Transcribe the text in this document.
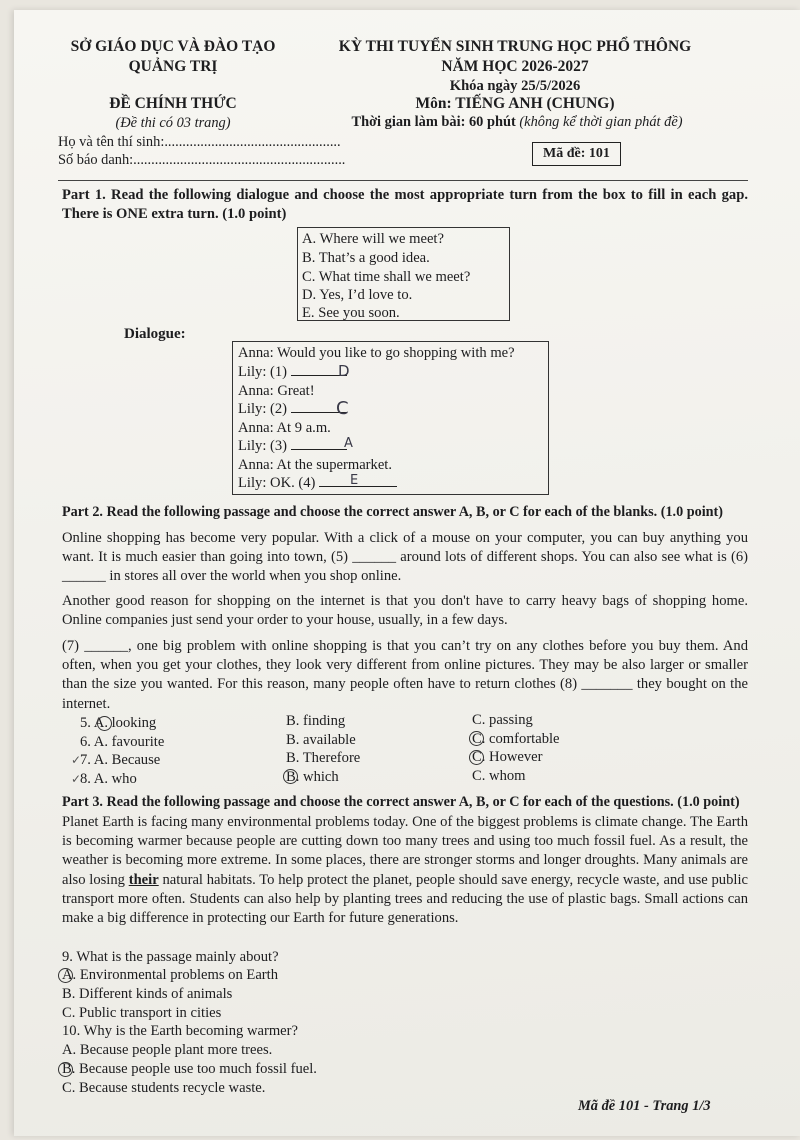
SỞ GIÁO DỤC VÀ ĐÀO TẠO
QUẢNG TRỊ
ĐỀ CHÍNH THỨC
(Đề thi có 03 trang)
KỲ THI TUYỂN SINH TRUNG HỌC PHỔ THÔNG
NĂM HỌC 2026-2027
Khóa ngày 25/5/2026
Môn: TIẾNG ANH (CHUNG)
Thời gian làm bài: 60 phút (không kể thời gian phát đề)
Họ và tên thí sinh:.................................................
Số báo danh:...........................................................	Mã đề: 101
Part 1. Read the following dialogue and choose the most appropriate turn from the box to fill in each gap. There is ONE extra turn. (1.0 point)
A. Where will we meet?
B. That’s a good idea.
C. What time shall we meet?
D. Yes, I’d love to.
E. See you soon.
Dialogue:
Anna: Would you like to go shopping with me?
Lily: (1)
Anna: Great!
Lily: (2)
Anna: At 9 a.m.
Lily: (3)
Anna: At the supermarket.
Lily: OK. (4)
D
C
A
E
Part 2. Read the following passage and choose the correct answer A, B, or C for each of the blanks. (1.0 point)
Online shopping has become very popular. With a click of a mouse on your computer, you can buy anything you want. It is much easier than going into town, (5) ______ around lots of different shops. You can also see what is (6) ______ in stores all over the world when you shop online.
Another good reason for shopping on the internet is that you don't have to carry heavy bags of shopping home. Online companies just send your order to your house, usually, in a few days.
(7) ______, one big problem with online shopping is that you can’t try on any clothes before you buy them. And often, when you get your clothes, they look very different from online pictures. They may be also larger or smaller than the size you wanted. For this reason, many people often have to return clothes (8) _______ they bought on the internet.
5. A. looking	B. finding	C. passing
6. A. favourite	B. available	C. comfortable
7. A. Because	B. Therefore	C. However
8. A. who	B. which	C. whom
✓
✓
Part 3. Read the following passage and choose the correct answer A, B, or C for each of the questions. (1.0 point)
Planet Earth is facing many environmental problems today. One of the biggest problems is climate change. The Earth is becoming warmer because people are cutting down too many trees and using too much fossil fuel. As a result, the weather is becoming more extreme. In some places, there are stronger storms and longer droughts. Many animals are also losing their natural habitats. To help protect the planet, people should save energy, recycle waste, and use public transport more often. Students can also help by planting trees and reducing the use of plastic bags. Small actions can make a big difference in protecting our Earth for future generations.
9. What is the passage mainly about?
A. Environmental problems on Earth
B. Different kinds of animals
C. Public transport in cities
10. Why is the Earth becoming warmer?
A. Because people plant more trees.
B. Because people use too much fossil fuel.
C. Because students recycle waste.
Mã đề 101 - Trang 1/3
